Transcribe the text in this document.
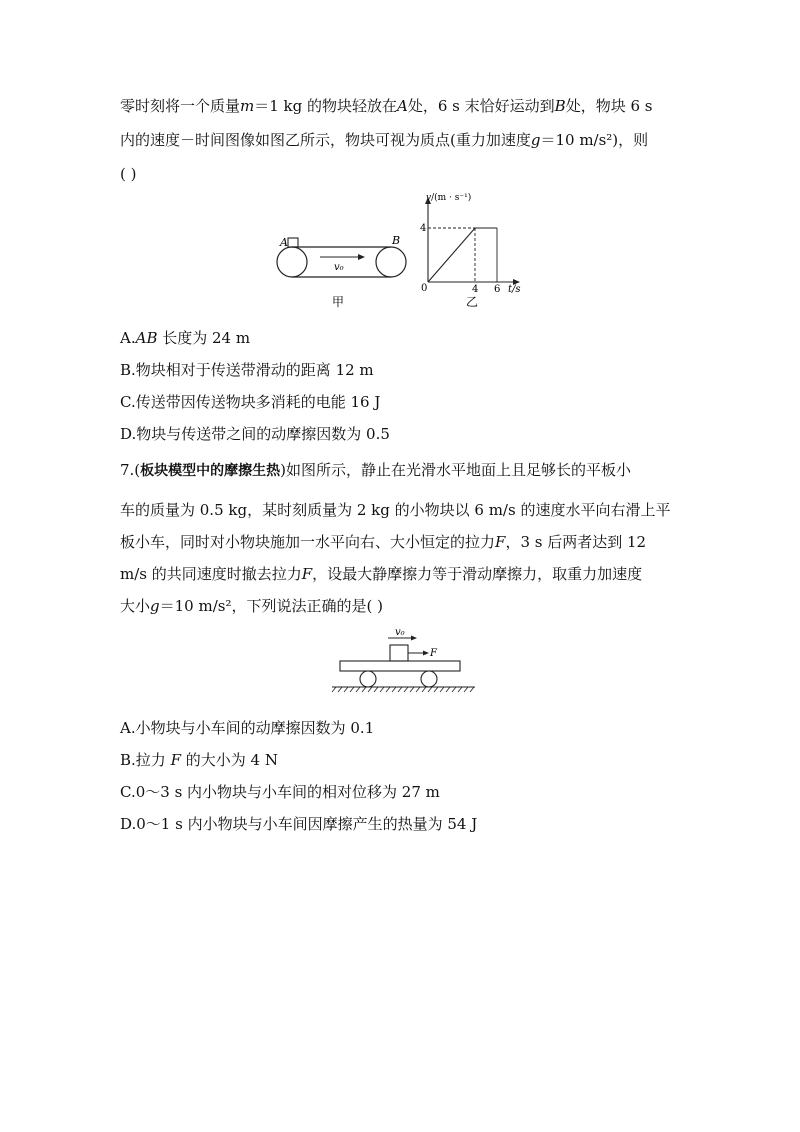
零时刻将一个质量m＝1 kg 的物块轻放在A处，6 s 末恰好运动到B处，物块 6 s
内的速度－时间图像如图乙所示，物块可视为质点(重力加速度g＝10 m/s²)，则
( )
A	B
v₀
甲
v/(m · s⁻¹)
4
0	4 6 t/s
乙
A.AB 长度为 24 m
B.物块相对于传送带滑动的距离 12 m
C.传送带因传送物块多消耗的电能 16 J
D.物块与传送带之间的动摩擦因数为 0.5
7.(板块模型中的摩擦生热)如图所示，静止在光滑水平地面上且足够长的平板小
车的质量为 0.5 kg，某时刻质量为 2 kg 的小物块以 6 m/s 的速度水平向右滑上平
板小车，同时对小物块施加一水平向右、大小恒定的拉力F，3 s 后两者达到 12
m/s 的共同速度时撤去拉力F，设最大静摩擦力等于滑动摩擦力，取重力加速度
大小g＝10 m/s²，下列说法正确的是( )
v₀
F
A.小物块与小车间的动摩擦因数为 0.1
B.拉力 F 的大小为 4 N
C.0～3 s 内小物块与小车间的相对位移为 27 m
D.0～1 s 内小物块与小车间因摩擦产生的热量为 54 J
